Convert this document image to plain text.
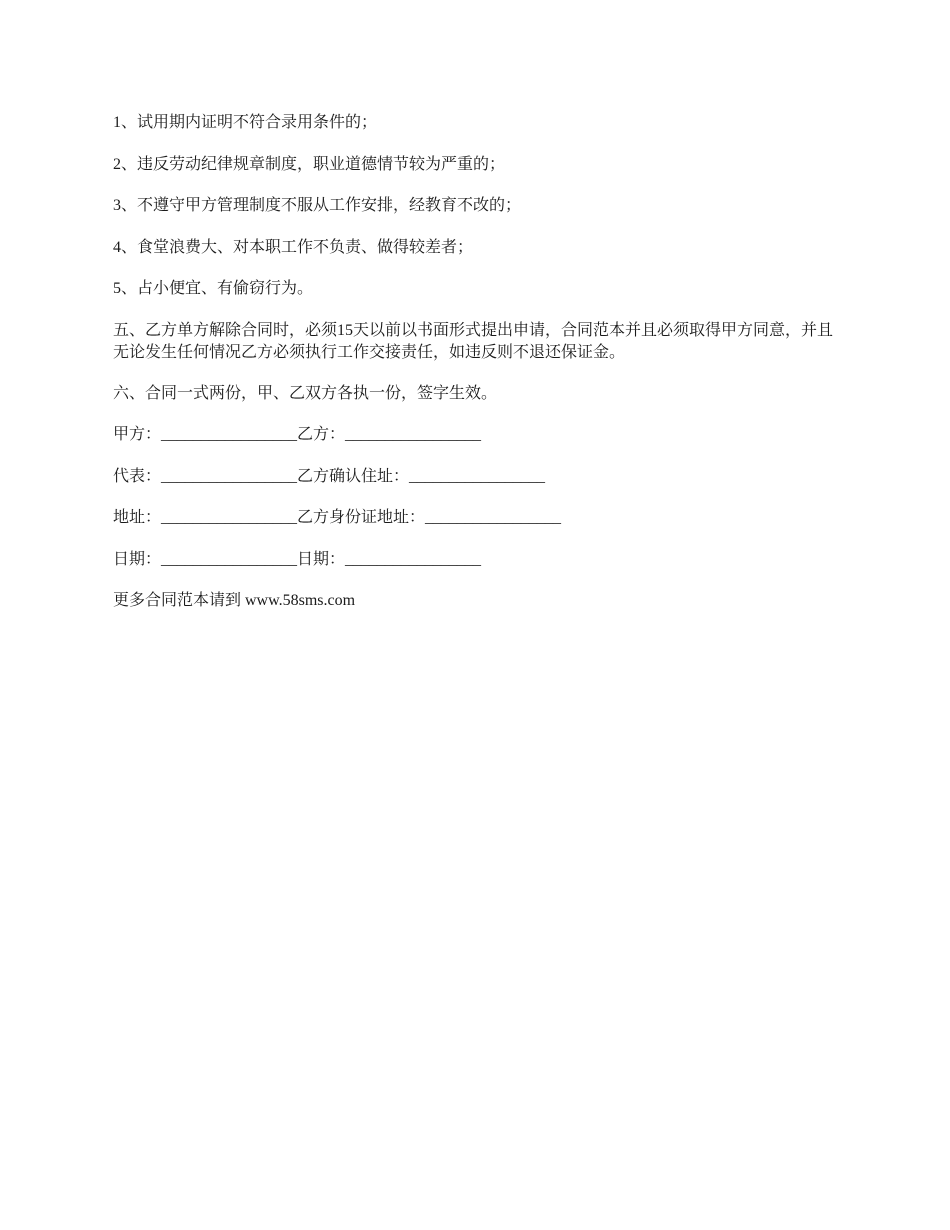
1、试用期内证明不符合录用条件的；

2、违反劳动纪律规章制度，职业道德情节较为严重的；

3、不遵守甲方管理制度不服从工作安排，经教育不改的；

4、食堂浪费大、对本职工作不负责、做得较差者；

5、占小便宜、有偷窃行为。

五、乙方单方解除合同时，必须15天以前以书面形式提出申请，合同范本并且必须取得甲方同意，并且无论发生任何情况乙方必须执行工作交接责任，如违反则不退还保证金。

六、合同一式两份，甲、乙双方各执一份，签字生效。

甲方：_________________乙方：_________________

代表：_________________乙方确认住址：_________________

地址：_________________乙方身份证地址：_________________

日期：_________________日期：_________________

更多合同范本请到 www.58sms.com
